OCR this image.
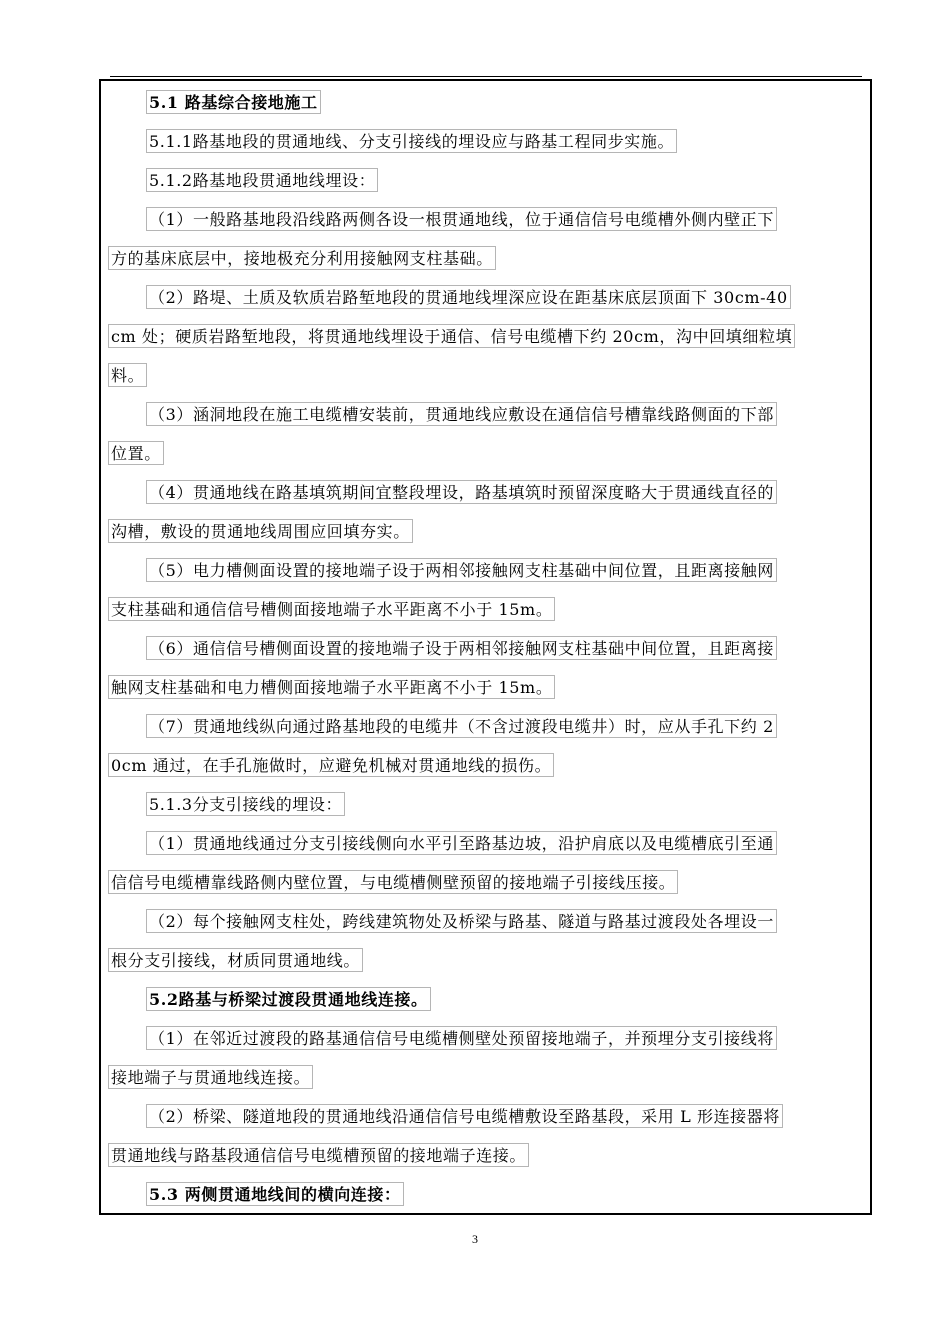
5.1 路基综合接地施工
5.1.1路基地段的贯通地线、分支引接线的埋设应与路基工程同步实施。
5.1.2路基地段贯通地线埋设：
（1）一般路基地段沿线路两侧各设一根贯通地线，位于通信信号电缆槽外侧内壁正下
方的基床底层中，接地极充分利用接触网支柱基础。
（2）路堤、土质及软质岩路堑地段的贯通地线埋深应设在距基床底层顶面下 30cm-40
cm 处；硬质岩路堑地段，将贯通地线埋设于通信、信号电缆槽下约 20cm，沟中回填细粒填
料。
（3）涵洞地段在施工电缆槽安装前，贯通地线应敷设在通信信号槽靠线路侧面的下部
位置。
（4）贯通地线在路基填筑期间宜整段埋设，路基填筑时预留深度略大于贯通线直径的
沟槽，敷设的贯通地线周围应回填夯实。
（5）电力槽侧面设置的接地端子设于两相邻接触网支柱基础中间位置，且距离接触网
支柱基础和通信信号槽侧面接地端子水平距离不小于 15m。
（6）通信信号槽侧面设置的接地端子设于两相邻接触网支柱基础中间位置，且距离接
触网支柱基础和电力槽侧面接地端子水平距离不小于 15m。
（7）贯通地线纵向通过路基地段的电缆井（不含过渡段电缆井）时，应从手孔下约 2
0cm 通过，在手孔施做时，应避免机械对贯通地线的损伤。
5.1.3分支引接线的埋设：
（1）贯通地线通过分支引接线侧向水平引至路基边坡，沿护肩底以及电缆槽底引至通
信信号电缆槽靠线路侧内壁位置，与电缆槽侧壁预留的接地端子引接线压接。
（2）每个接触网支柱处，跨线建筑物处及桥梁与路基、隧道与路基过渡段处各埋设一
根分支引接线，材质同贯通地线。
5.2路基与桥梁过渡段贯通地线连接。
（1）在邻近过渡段的路基通信信号电缆槽侧壁处预留接地端子，并预埋分支引接线将
接地端子与贯通地线连接。
（2）桥梁、隧道地段的贯通地线沿通信信号电缆槽敷设至路基段，采用 L 形连接器将
贯通地线与路基段通信信号电缆槽预留的接地端子连接。
5.3 两侧贯通地线间的横向连接：
3
